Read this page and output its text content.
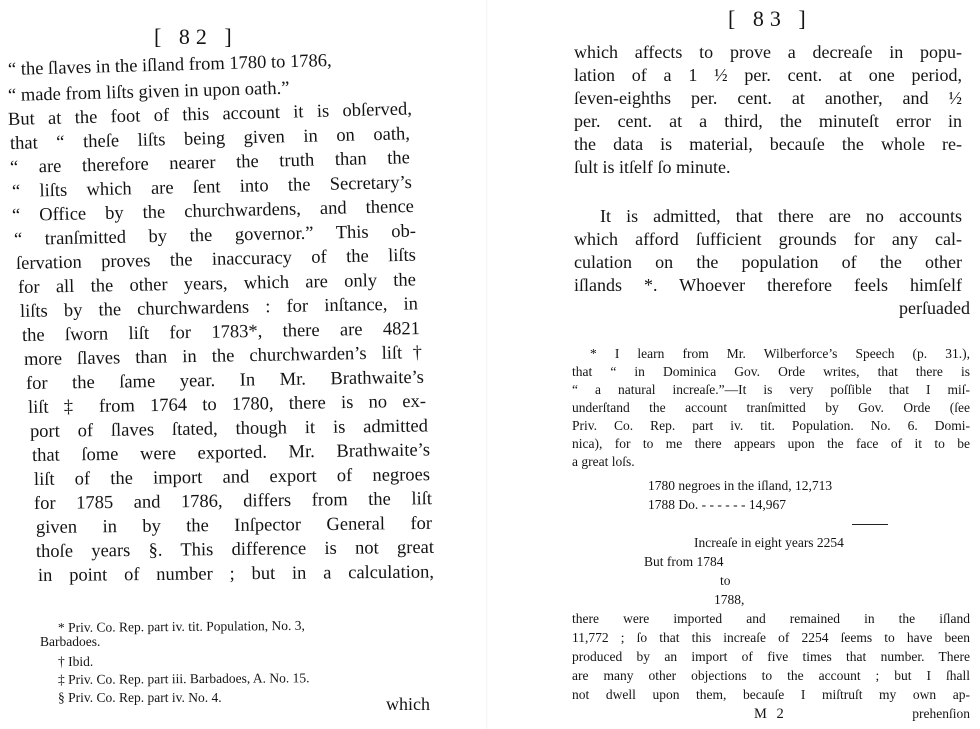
[ 82 ]
“ the ſlaves in the iſland from 1780 to 1786,
“ made from liſts given in upon oath.”
But at the foot of this account it is obſerved,
that “ theſe liſts being given in on oath,
“ are therefore nearer the truth than the
“ liſts which are ſent into the Secretary’s
“ Office by the churchwardens, and thence
“ tranſmitted by the governor.” This ob-
ſervation proves the inaccuracy of the liſts
for all the other years, which are only the
liſts by the churchwardens : for inſtance, in
the ſworn liſt for 1783*, there are 4821
more ſlaves than in the churchwarden’s liſt†
for the ſame year. In Mr. Brathwaite’s
liſt ‡ from 1764 to 1780, there is no ex-
port of ſlaves ſtated, though it is admitted
that ſome were exported. Mr. Brathwaite’s
liſt of the import and export of negroes
for 1785 and 1786, differs from the liſt
given in by the Inſpector General for
thoſe years §. This difference is not great
in point of number ; but in a calculation,
* Priv. Co. Rep. part iv. tit. Population, No. 3,
Barbadoes.
† Ibid.
‡ Priv. Co. Rep. part iii. Barbadoes, A. No. 15.
§ Priv. Co. Rep. part iv. No. 4.	which
[ 83 ]
which affects to prove a decreaſe in popu-
lation of a 1 ½ per. cent. at one period,
ſeven-eighths per. cent. at another, and ½
per. cent. at a third, the minuteſt error in
the data is material, becauſe the whole re-
ſult is itſelf ſo minute.
It is admitted, that there are no accounts
which afford ſufficient grounds for any cal-
culation on the population of the other
iſlands *. Whoever therefore feels himſelf
perſuaded
* I learn from Mr. Wilberforce’s Speech (p. 31.),
that “ in Dominica Gov. Orde writes, that there is
“ a natural increaſe.”—It is very poſſible that I miſ-
underſtand the account tranſmitted by Gov. Orde (ſee
Priv. Co. Rep. part iv. tit. Population. No. 6. Domi-
nica), for to me there appears upon the face of it to be
a great loſs.
1780 negroes in the iſland, 12,713
1788 Do. - - - - - - 14,967
Increaſe in eight years 2254
But from 1784
to
1788,
there were imported and remained in the iſland
11,772 ; ſo that this increaſe of 2254 ſeems to have been
produced by an import of five times that number. There
are many other objections to the account ; but I ſhall
not dwell upon them, becauſe I miſtruſt my own ap-
M 2	prehenſion
